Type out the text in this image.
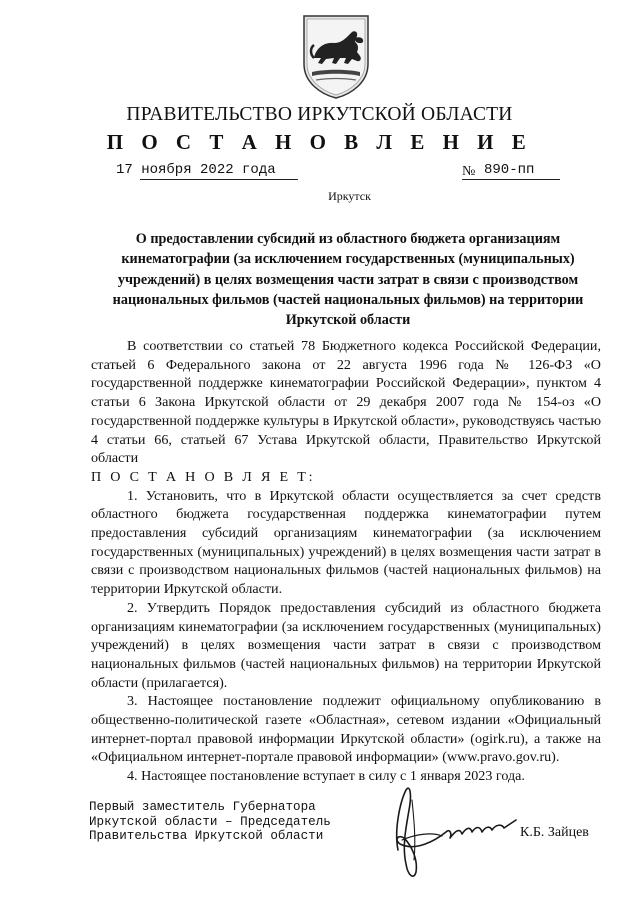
ПРАВИТЕЛЬСТВО ИРКУТСКОЙ ОБЛАСТИ
П О С Т А Н О В Л Е Н И Е
17 ноября 2022 года	№ 890-пп
Иркутск
О предоставлении субсидий из областного бюджета организациям кинематографии (за исключением государственных (муниципальных) учреждений) в целях возмещения части затрат в связи с производством национальных фильмов (частей национальных фильмов) на территории Иркутской области

В соответствии со статьей 78 Бюджетного кодекса Российской Федерации, статьей 6 Федерального закона от 22 августа 1996 года № 126-ФЗ «О государственной поддержке кинематографии Российской Федерации», пунктом 4 статьи 6 Закона Иркутской области от 29 декабря 2007 года № 154-оз «О государственной поддержке культуры в Иркутской области», руководствуясь частью 4 статьи 66, статьей 67 Устава Иркутской области, Правительство Иркутской области

П О С Т А Н О В Л Я Е Т:

1. Установить, что в Иркутской области осуществляется за счет средств областного бюджета государственная поддержка кинематографии путем предоставления субсидий организациям кинематографии (за исключением государственных (муниципальных) учреждений) в целях возмещения части затрат в связи с производством национальных фильмов (частей национальных фильмов) на территории Иркутской области.

2. Утвердить Порядок предоставления субсидий из областного бюджета организациям кинематографии (за исключением государственных (муниципальных) учреждений) в целях возмещения части затрат в связи с производством национальных фильмов (частей национальных фильмов) на территории Иркутской области (прилагается).

3. Настоящее постановление подлежит официальному опубликованию в общественно-политической газете «Областная», сетевом издании «Официальный интернет-портал правовой информации Иркутской области» (ogirk.ru), а также на «Официальном интернет-портале правовой информации» (www.pravo.gov.ru).

4. Настоящее постановление вступает в силу с 1 января 2023 года.

Первый заместитель Губернатора
Иркутской области – Председатель
Правительства Иркутской области	К.Б. Зайцев
